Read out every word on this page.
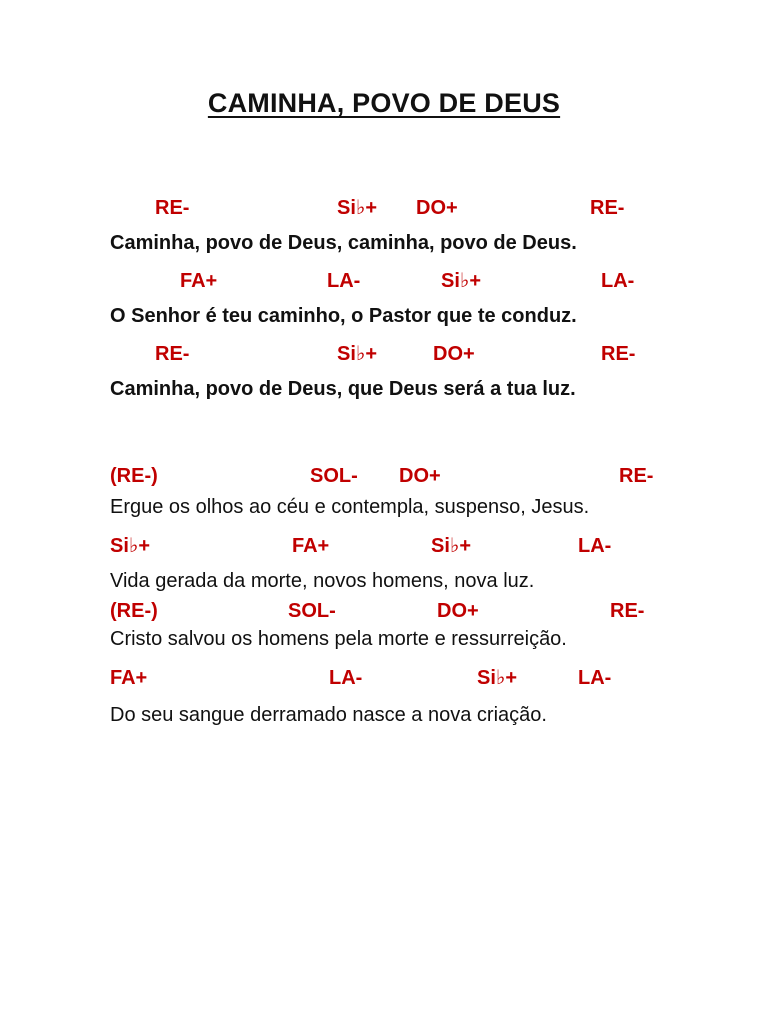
CAMINHA, POVO DE DEUS
RE-	Si♭+ DO+	RE-
Caminha, povo de Deus, caminha, povo de Deus.
FA+	LA-	Si♭+	LA-
O Senhor é teu caminho, o Pastor que te conduz.
RE-	Si♭+	DO+	RE-
Caminha, povo de Deus, que Deus será a tua luz.
(RE-)	SOL- DO+	RE-
Ergue os olhos ao céu e contempla, suspenso, Jesus.
Si♭+	FA+	Si♭+	LA-
Vida gerada da morte, novos homens, nova luz.
(RE-)	SOL-	DO+	RE-
Cristo salvou os homens pela morte e ressurreição.
FA+	LA-	Si♭+	LA-
Do seu sangue derramado nasce a nova criação.
